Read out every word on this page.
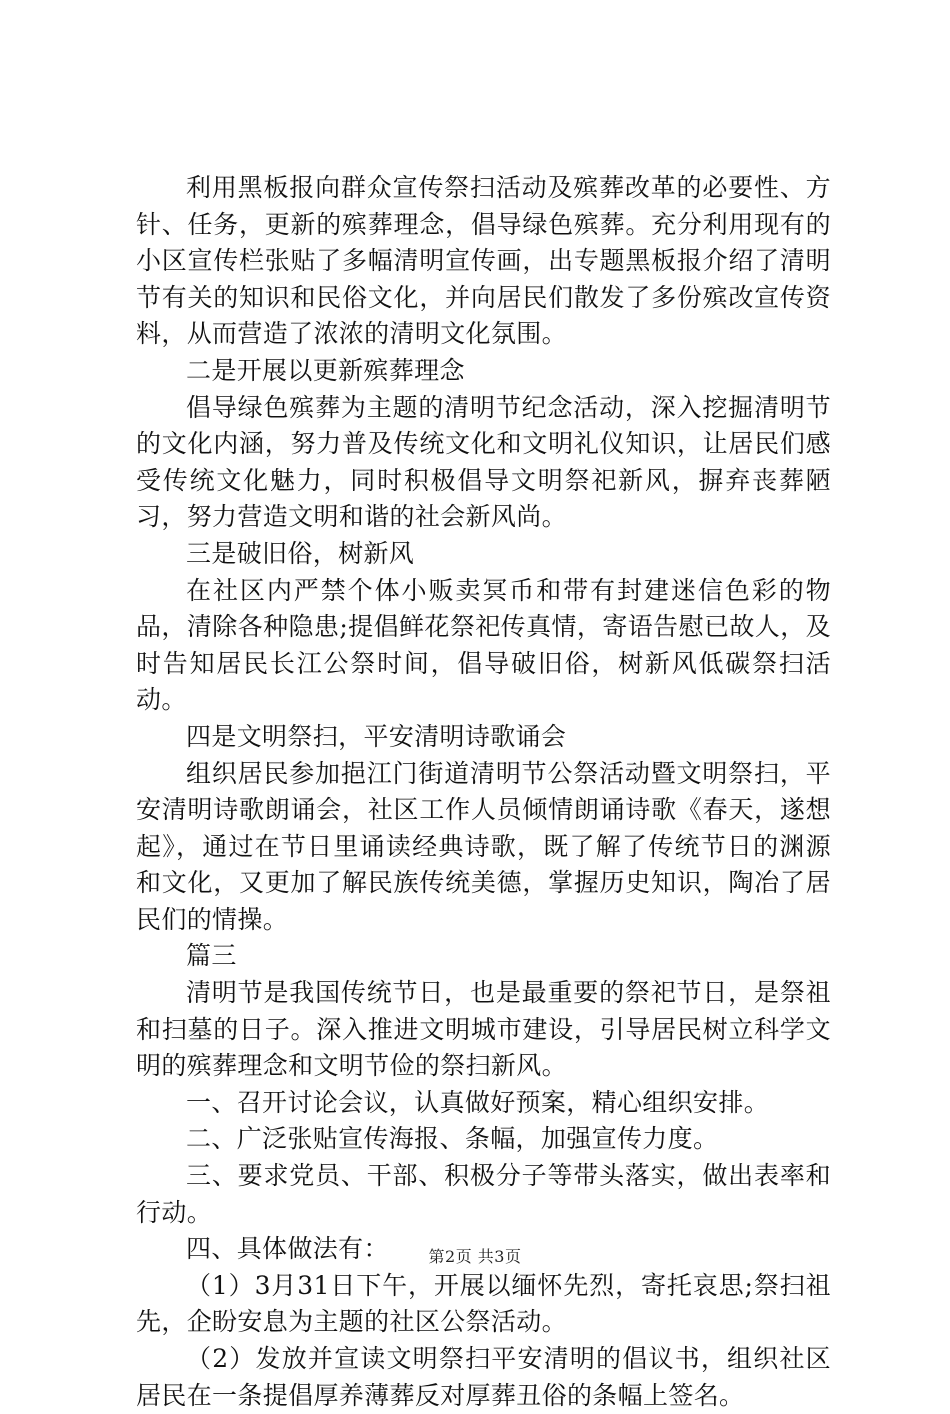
利用黑板报向群众宣传祭扫活动及殡葬改革的必要性、方针、任务，更新的殡葬理念，倡导绿色殡葬。充分利用现有的小区宣传栏张贴了多幅清明宣传画，出专题黑板报介绍了清明节有关的知识和民俗文化，并向居民们散发了多份殡改宣传资料，从而营造了浓浓的清明文化氛围。

二是开展以更新殡葬理念

倡导绿色殡葬为主题的清明节纪念活动，深入挖掘清明节的文化内涵，努力普及传统文化和文明礼仪知识，让居民们感受传统文化魅力，同时积极倡导文明祭祀新风，摒弃丧葬陋习，努力营造文明和谐的社会新风尚。

三是破旧俗，树新风

在社区内严禁个体小贩卖冥币和带有封建迷信色彩的物品，清除各种隐患;提倡鲜花祭祀传真情，寄语告慰已故人，及时告知居民长江公祭时间，倡导破旧俗，树新风低碳祭扫活动。

四是文明祭扫，平安清明诗歌诵会

组织居民参加挹江门街道清明节公祭活动暨文明祭扫，平安清明诗歌朗诵会，社区工作人员倾情朗诵诗歌《春天，遂想起》，通过在节日里诵读经典诗歌，既了解了传统节日的渊源和文化，又更加了解民族传统美德，掌握历史知识，陶冶了居民们的情操。

篇三

清明节是我国传统节日，也是最重要的祭祀节日，是祭祖和扫墓的日子。深入推进文明城市建设，引导居民树立科学文明的殡葬理念和文明节俭的祭扫新风。

一、召开讨论会议，认真做好预案，精心组织安排。

二、广泛张贴宣传海报、条幅，加强宣传力度。

三、要求党员、干部、积极分子等带头落实，做出表率和行动。

四、具体做法有：

（1）3月31日下午，开展以缅怀先烈，寄托哀思;祭扫祖先，企盼安息为主题的社区公祭活动。

（2）发放并宣读文明祭扫平安清明的倡议书，组织社区居民在一条提倡厚养薄葬反对厚葬丑俗的条幅上签名。

第2页 共3页
